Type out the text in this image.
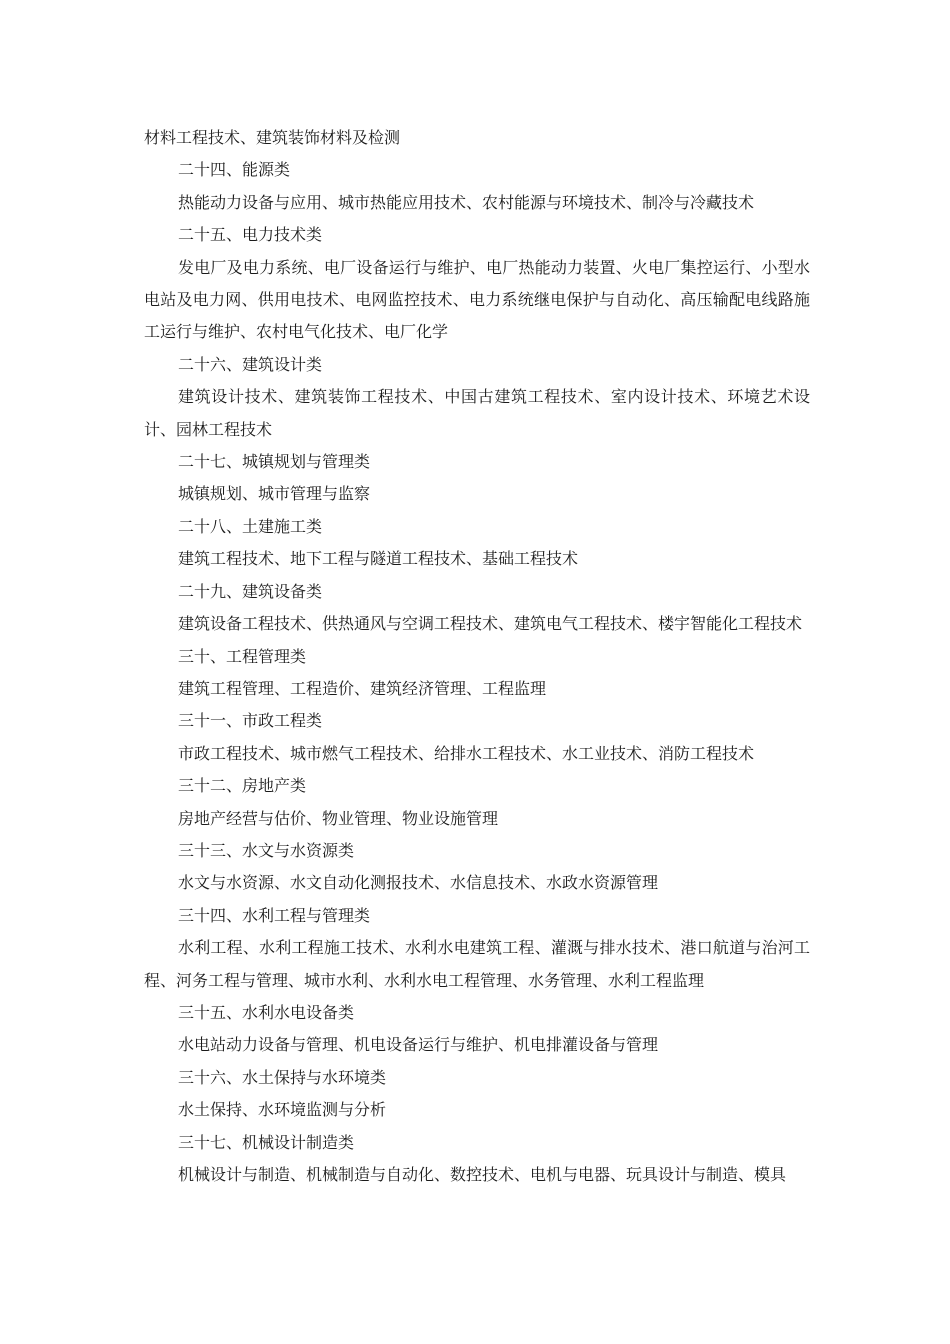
材料工程技术、建筑装饰材料及检测

二十四、能源类

热能动力设备与应用、城市热能应用技术、农村能源与环境技术、制冷与冷藏技术

二十五、电力技术类

发电厂及电力系统、电厂设备运行与维护、电厂热能动力装置、火电厂集控运行、小型水电站及电力网、供用电技术、电网监控技术、电力系统继电保护与自动化、高压输配电线路施工运行与维护、农村电气化技术、电厂化学

二十六、建筑设计类

建筑设计技术、建筑装饰工程技术、中国古建筑工程技术、室内设计技术、环境艺术设计、园林工程技术

二十七、城镇规划与管理类

城镇规划、城市管理与监察

二十八、土建施工类

建筑工程技术、地下工程与隧道工程技术、基础工程技术

二十九、建筑设备类

建筑设备工程技术、供热通风与空调工程技术、建筑电气工程技术、楼宇智能化工程技术

三十、工程管理类

建筑工程管理、工程造价、建筑经济管理、工程监理

三十一、市政工程类

市政工程技术、城市燃气工程技术、给排水工程技术、水工业技术、消防工程技术

三十二、房地产类

房地产经营与估价、物业管理、物业设施管理

三十三、水文与水资源类

水文与水资源、水文自动化测报技术、水信息技术、水政水资源管理

三十四、水利工程与管理类

水利工程、水利工程施工技术、水利水电建筑工程、灌溉与排水技术、港口航道与治河工程、河务工程与管理、城市水利、水利水电工程管理、水务管理、水利工程监理

三十五、水利水电设备类

水电站动力设备与管理、机电设备运行与维护、机电排灌设备与管理

三十六、水土保持与水环境类

水土保持、水环境监测与分析

三十七、机械设计制造类

机械设计与制造、机械制造与自动化、数控技术、电机与电器、玩具设计与制造、模具
